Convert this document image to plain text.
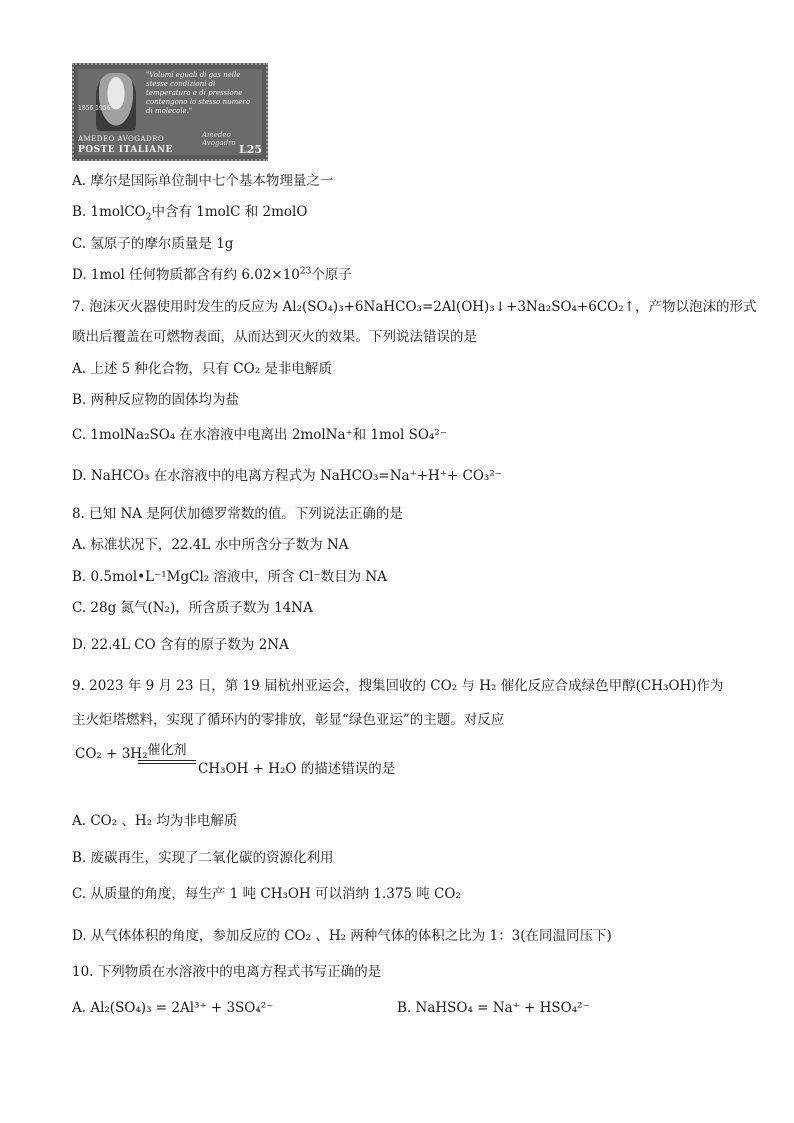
"Volumi eguali di gas nelle stesse condizioni di temperatura e di pressione contengono lo stesso numero di molecole."
1856 1956
Amedeo Avogadro
AMEDEO AVOGADRO
POSTE ITALIANE	L25
A. 摩尔是国际单位制中七个基本物理量之一
B. 1molCO$_2$中含有 1molC 和 2molO
C. 氢原子的摩尔质量是 1g
D. 1mol 任何物质都含有约 $6.02\times 10^{23}$个原子
7. 泡沫灭火器使用时发生的反应为 Al₂(SO₄)₃+6NaHCO₃=2Al(OH)₃↓+3Na₂SO₄+6CO₂↑，产物以泡沫的形式
喷出后覆盖在可燃物表面，从而达到灭火的效果。下列说法错误的是
A. 上述 5 种化合物，只有 CO₂ 是非电解质
B. 两种反应物的固体均为盐
C. 1molNa₂SO₄ 在水溶液中电离出 2molNa⁺和 1mol SO₄²⁻
D. NaHCO₃ 在水溶液中的电离方程式为 NaHCO₃=Na⁺+H⁺+ CO₃²⁻
8. 已知 NA 是阿伏加德罗常数的值。下列说法正确的是
A. 标准状况下，22.4L 水中所含分子数为 NA
B. 0.5mol•L⁻¹MgCl₂ 溶液中，所含 Cl⁻数目为 NA
C. 28g 氮气(N₂)，所含质子数为 14NA
D. 22.4L CO 含有的原子数为 2NA
9. 2023 年 9 月 23 日，第 19 届杭州亚运会，搜集回收的 CO₂ 与 H₂ 催化反应合成绿色甲醇(CH₃OH)作为
主火炬塔燃料，实现了循环内的零排放，彰显“绿色亚运”的主题。对反应
CO₂ + 3H₂ 催化剂
CH₃OH + H₂O 的描述错误的是
A. CO₂ 、H₂ 均为非电解质
B. 废碳再生，实现了二氧化碳的资源化利用
C. 从质量的角度，每生产 1 吨 CH₃OH 可以消纳 1.375 吨 CO₂
D. 从气体体积的角度，参加反应的 CO₂ 、H₂ 两种气体的体积之比为 1：3(在同温同压下)
10. 下列物质在水溶液中的电离方程式书写正确的是
A. Al₂(SO₄)₃ = 2Al³⁺ + 3SO₄²⁻	B. NaHSO₄ = Na⁺ + HSO₄²⁻
